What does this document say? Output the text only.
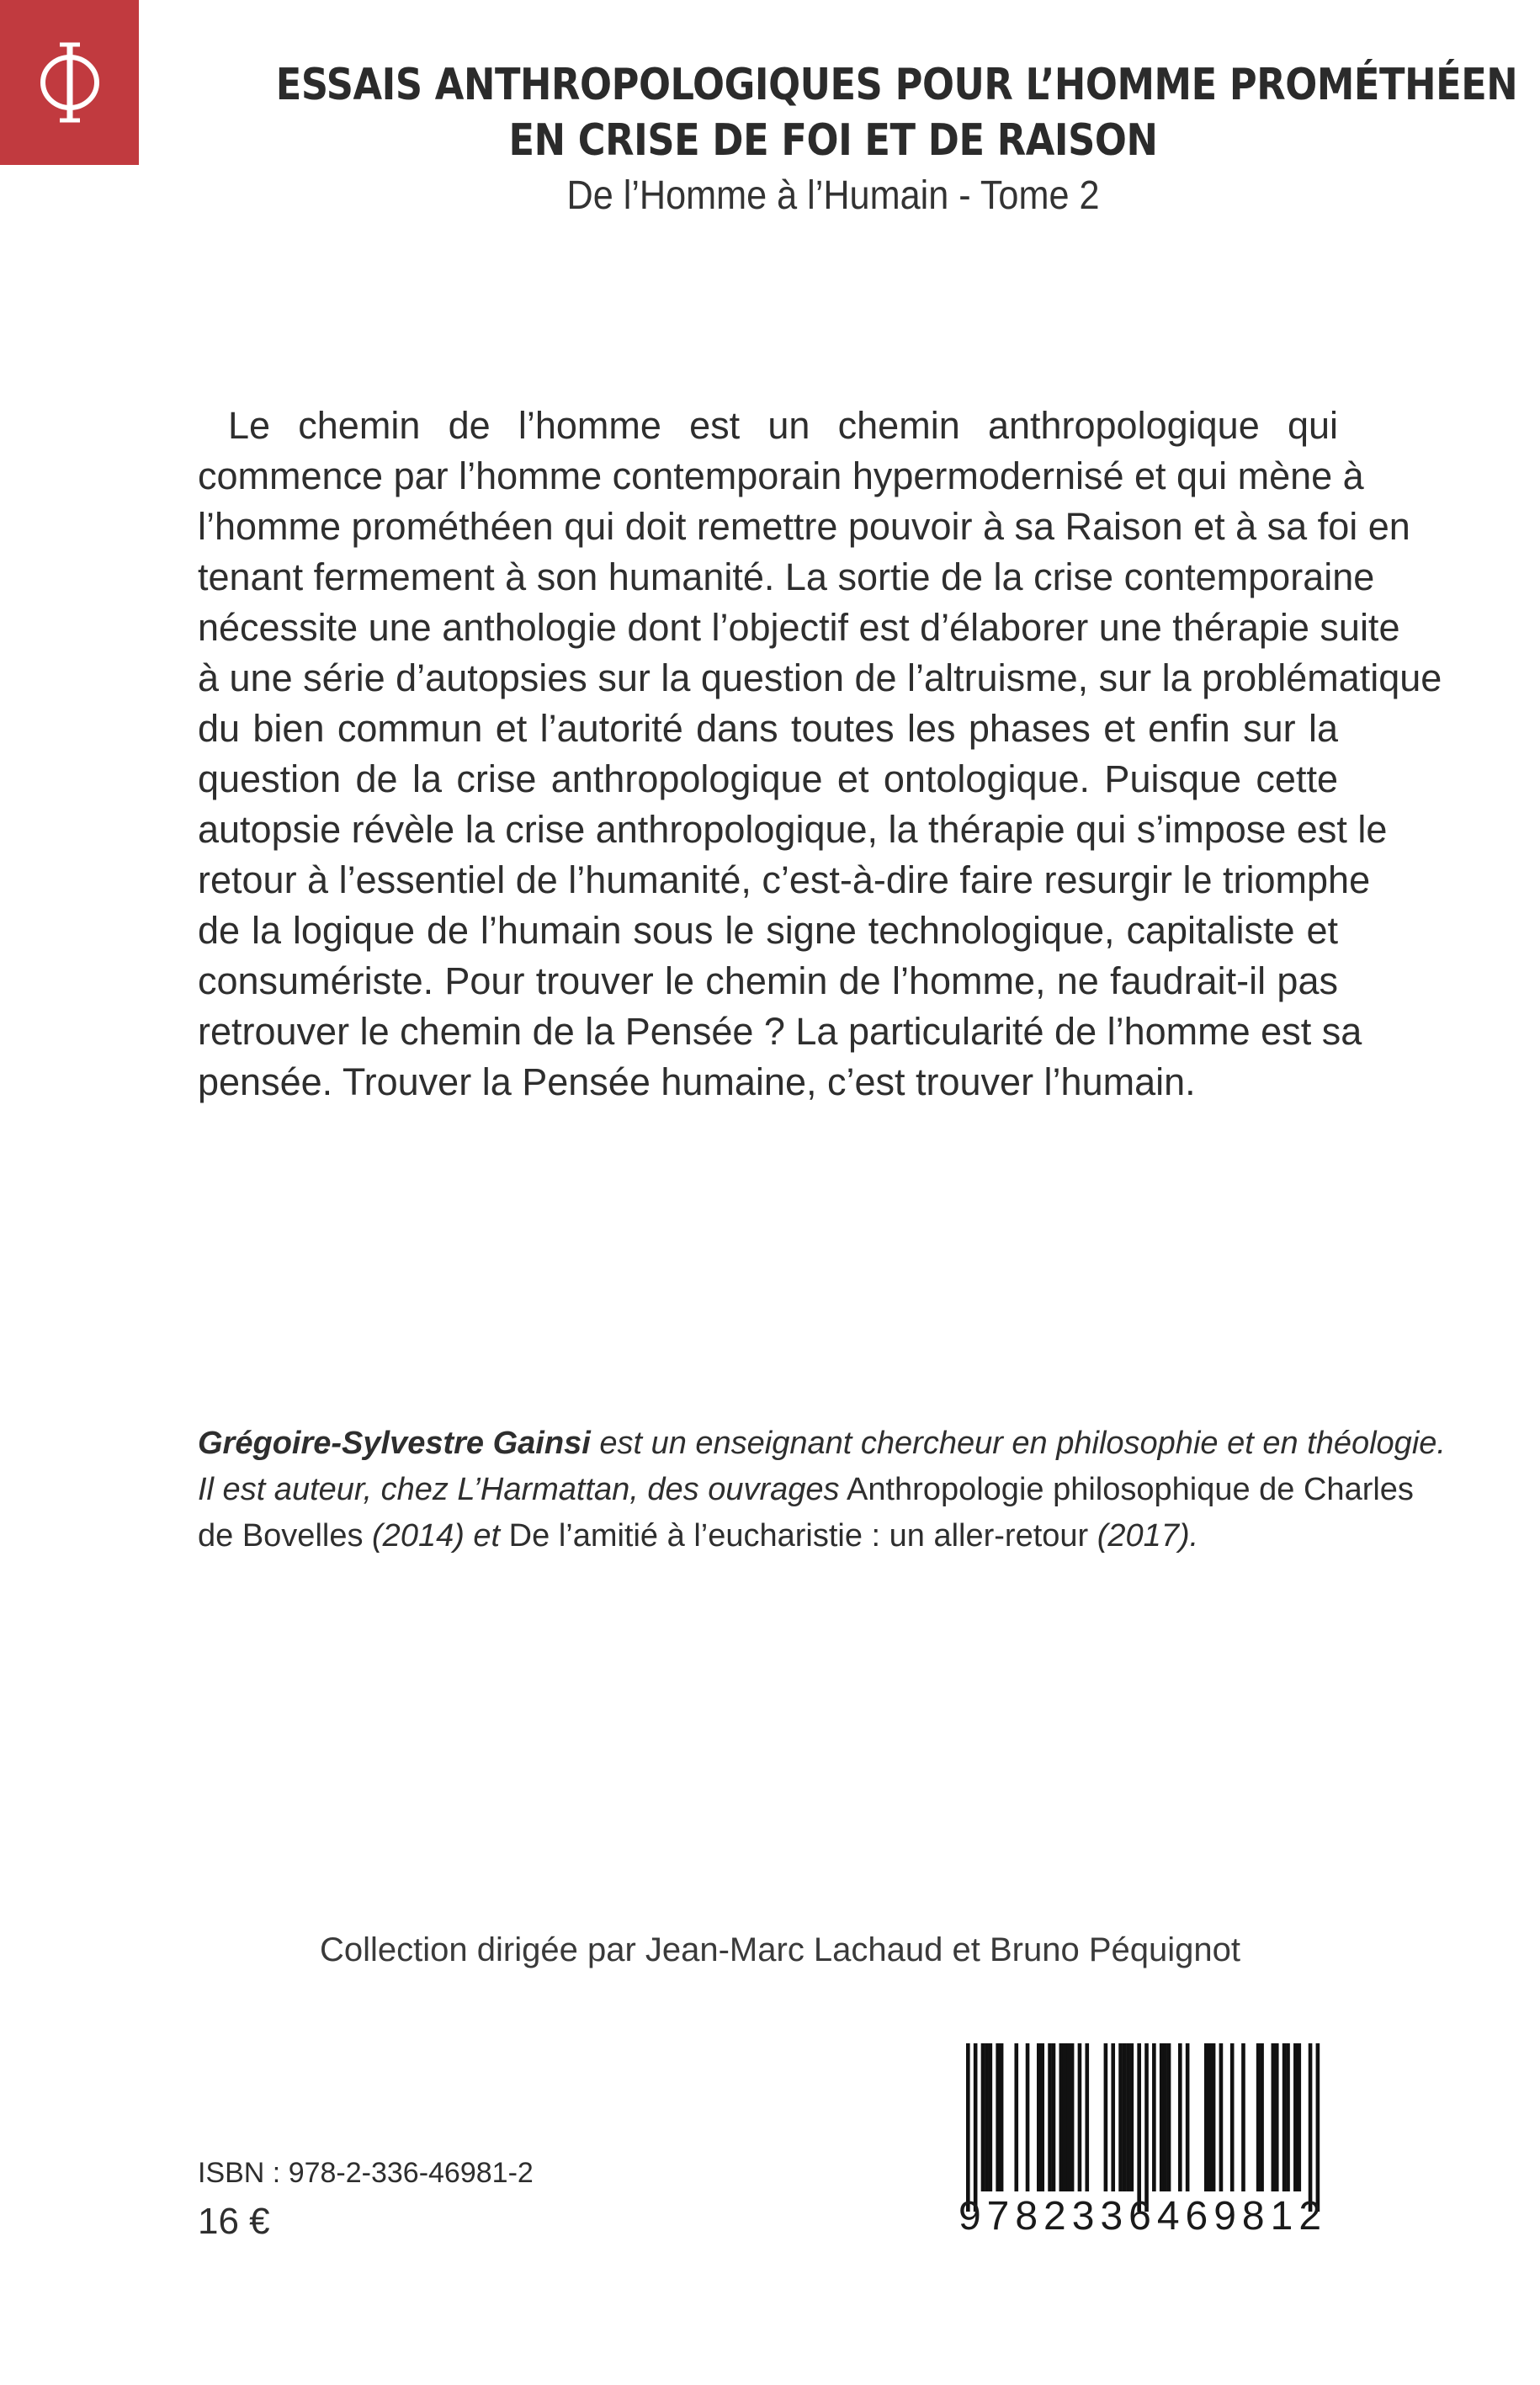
ESSAIS ANTHROPOLOGIQUES POUR L’HOMME PROMÉTHÉEN
EN CRISE DE FOI ET DE RAISON
De l’Homme à l’Humain - Tome 2
Le chemin de l’homme est un chemin anthropologique qui
commence par l’homme contemporain hypermodernisé et qui mène à
l’homme prométhéen qui doit remettre pouvoir à sa Raison et à sa foi en
tenant fermement à son humanité. La sortie de la crise contemporaine
nécessite une anthologie dont l’objectif est d’élaborer une thérapie suite
à une série d’autopsies sur la question de l’altruisme, sur la problématique
du bien commun et l’autorité dans toutes les phases et enfin sur la
question de la crise anthropologique et ontologique. Puisque cette
autopsie révèle la crise anthropologique, la thérapie qui s’impose est le
retour à l’essentiel de l’humanité, c’est-à-dire faire resurgir le triomphe
de la logique de l’humain sous le signe technologique, capitaliste et
consumériste. Pour trouver le chemin de l’homme, ne faudrait-il pas
retrouver le chemin de la Pensée ? La particularité de l’homme est sa
pensée. Trouver la Pensée humaine, c’est trouver l’humain.
Grégoire-Sylvestre Gainsi est un enseignant chercheur en philosophie et en théologie.
Il est auteur, chez L’Harmattan, des ouvrages Anthropologie philosophique de Charles
de Bovelles (2014) et De l’amitié à l’eucharistie : un aller-retour (2017).
Collection dirigée par Jean-Marc Lachaud et Bruno Péquignot
ISBN : 978-2-336-46981-2
16 €	9782336469812
